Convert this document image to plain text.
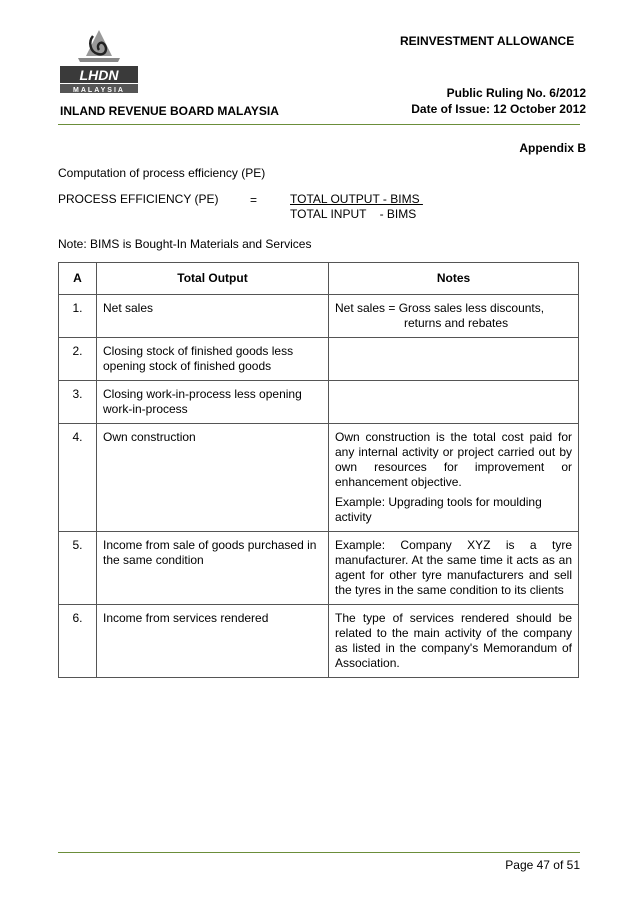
LHDN
MALAYSIA
REINVESTMENT ALLOWANCE
Public Ruling No. 6/2012
Date of Issue: 12 October 2012
INLAND REVENUE BOARD MALAYSIA
Appendix B
Computation of process efficiency (PE)
PROCESS EFFICIENCY (PE)	=	TOTAL OUTPUT - BIMS
TOTAL INPUT    - BIMS
Note: BIMS is Bought-In Materials and Services
A	Total Output	Notes
1.	Net sales	Net sales = Gross sales less discounts,
returns and rebates

2.	Closing stock of finished goods less opening stock of finished goods	
3.	Closing work-in-process less opening work-in-process	
4.	Own construction	Own construction is the total cost paid for any internal activity or project carried out by own resources for improvement or enhancement objective.
Example: Upgrading tools for moulding activity

5.	Income from sale of goods purchased in the same condition	Example: Company XYZ is a tyre manufacturer. At the same time it acts as an agent for other tyre manufacturers and sell the tyres in the same condition to its clients
6.	Income from services rendered	The type of services rendered should be related to the main activity of the company as listed in the company's Memorandum of Association.
Page 47 of 51
